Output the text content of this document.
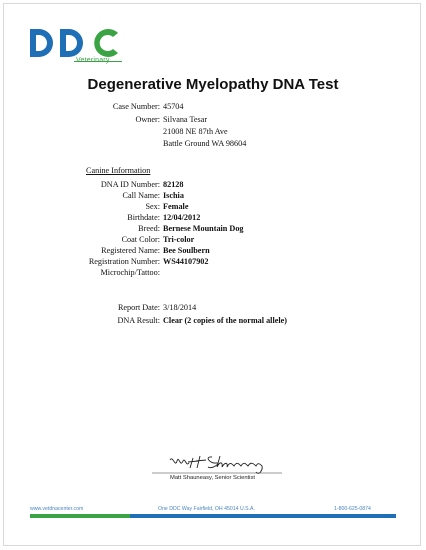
Veterinary
Degenerative Myelopathy DNA Test
Case Number: 45704
Owner: Silvana Tesar
21008 NE 87th Ave
Battle Ground WA 98604
Canine Information
DNA ID Number: 82128
Call Name: Ischia
Sex: Female
Birthdate: 12/04/2012
Breed: Bernese Mountain Dog
Coat Color: Tri-color
Registered Name: Bee Soulbern
Registration Number: WS44107902
Microchip/Tattoo:
Report Date: 3/18/2014
DNA Result: Clear (2 copies of the normal allele)
Matt Shauneasy, Senior Scientist
www.vetdnacenter.com	One DDC Way Fairfield, OH 45014 U.S.A.	1-800-625-0874
